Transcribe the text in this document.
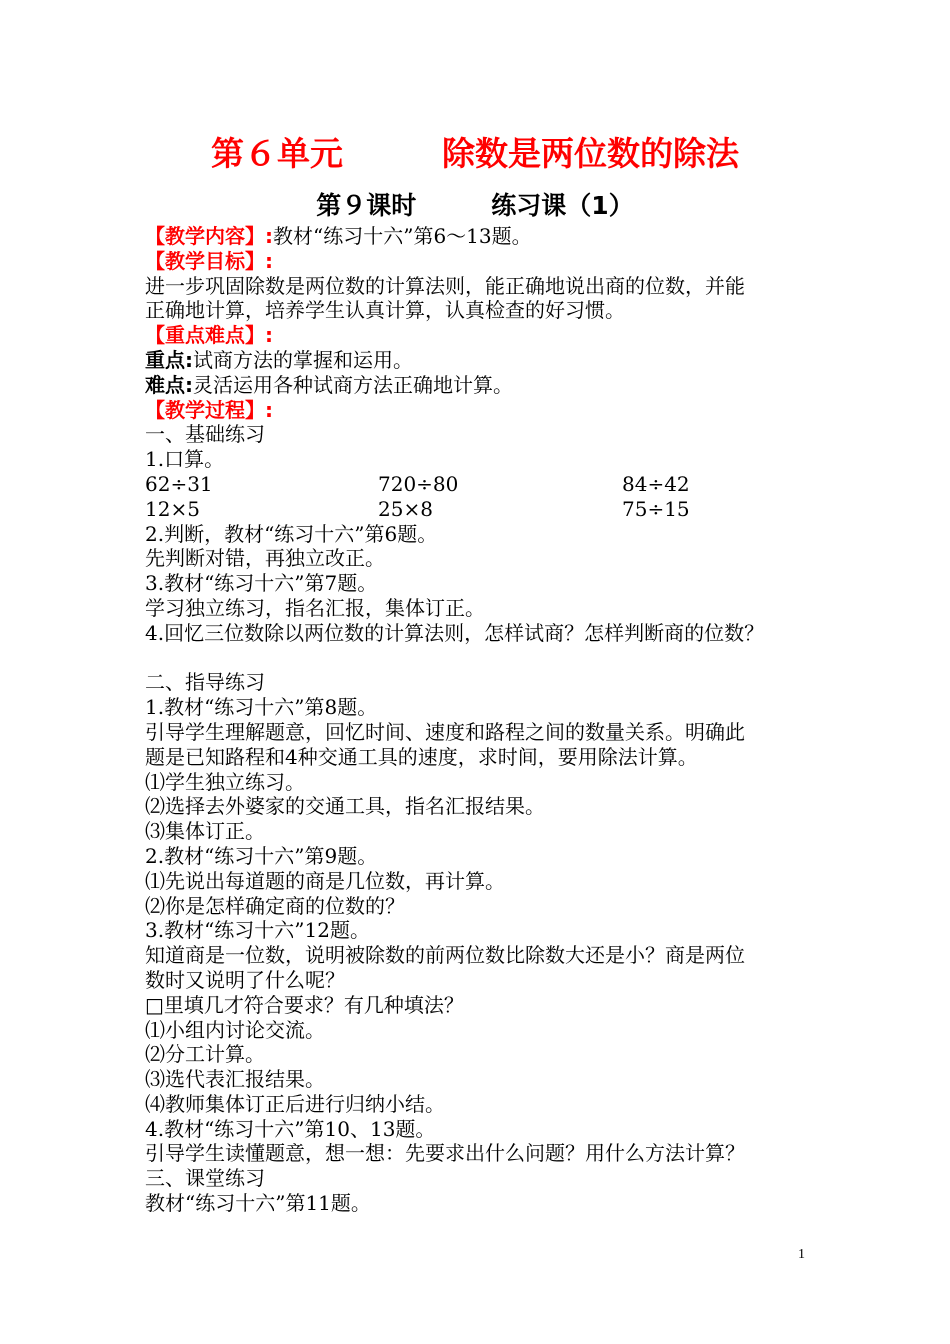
第６单元　　　除数是两位数的除法
第９课时　　　练习课（1）
【教学内容】:教材“练习十六”第6～13题。
【教学目标】:
进一步巩固除数是两位数的计算法则，能正确地说出商的位数，并能
正确地计算，培养学生认真计算，认真检查的好习惯。
【重点难点】:
重点:试商方法的掌握和运用。
难点:灵活运用各种试商方法正确地计算。
【教学过程】:
一、基础练习
1.口算。
62÷31	720÷80	84÷42
12×5	25×8	75÷15
2.判断，教材“练习十六”第6题。
先判断对错，再独立改正。
3.教材“练习十六”第7题。
学习独立练习，指名汇报，集体订正。
4.回忆三位数除以两位数的计算法则，怎样试商？怎样判断商的位数？
二、指导练习
1.教材“练习十六”第8题。
引导学生理解题意，回忆时间、速度和路程之间的数量关系。明确此
题是已知路程和4种交通工具的速度，求时间，要用除法计算。
⑴学生独立练习。
⑵选择去外婆家的交通工具，指名汇报结果。
⑶集体订正。
2.教材“练习十六”第9题。
⑴先说出每道题的商是几位数，再计算。
⑵你是怎样确定商的位数的？
3.教材“练习十六”12题。
知道商是一位数，说明被除数的前两位数比除数大还是小？商是两位
数时又说明了什么呢？
□里填几才符合要求？有几种填法？
⑴小组内讨论交流。
⑵分工计算。
⑶选代表汇报结果。
⑷教师集体订正后进行归纳小结。
4.教材“练习十六”第10、13题。
引导学生读懂题意，想一想：先要求出什么问题？用什么方法计算？
三、课堂练习
教材“练习十六”第11题。
1
